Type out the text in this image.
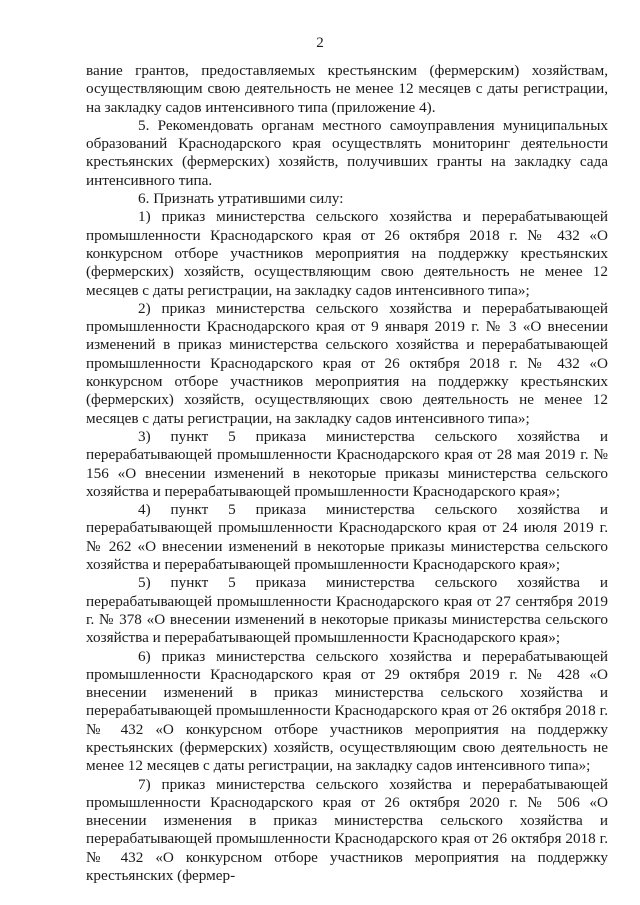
2

вание грантов, предоставляемых крестьянским (фермерским) хозяйствам, осуществляющим свою деятельность не менее 12 месяцев с даты регистрации, на закладку садов интенсивного типа (приложение 4).

5. Рекомендовать органам местного самоуправления муниципальных образований Краснодарского края осуществлять мониторинг деятельности крестьянских (фермерских) хозяйств, получивших гранты на закладку сада интенсивного типа.

6. Признать утратившими силу:

1) приказ министерства сельского хозяйства и перерабатывающей промышленности Краснодарского края от 26 октября 2018 г. № 432 «О конкурсном отборе участников мероприятия на поддержку крестьянских (фермерских) хозяйств, осуществляющим свою деятельность не менее 12 месяцев с даты регистрации, на закладку садов интенсивного типа»;

2) приказ министерства сельского хозяйства и перерабатывающей промышленности Краснодарского края от 9 января 2019 г. № 3 «О внесении изменений в приказ министерства сельского хозяйства и перерабатывающей промышленности Краснодарского края от 26 октября 2018 г. № 432 «О конкурсном отборе участников мероприятия на поддержку крестьянских (фермерских) хозяйств, осуществляющих свою деятельность не менее 12 месяцев с даты регистрации, на закладку садов интенсивного типа»;

3) пункт 5 приказа министерства сельского хозяйства и перерабатывающей промышленности Краснодарского края от 28 мая 2019 г. № 156 «О внесении изменений в некоторые приказы министерства сельского хозяйства и перерабатывающей промышленности Краснодарского края»;

4) пункт 5 приказа министерства сельского хозяйства и перерабатывающей промышленности Краснодарского края от 24 июля 2019 г. № 262 «О внесении изменений в некоторые приказы министерства сельского хозяйства и перерабатывающей промышленности Краснодарского края»;

5) пункт 5 приказа министерства сельского хозяйства и перерабатывающей промышленности Краснодарского края от 27 сентября 2019 г. № 378 «О внесении изменений в некоторые приказы министерства сельского хозяйства и перерабатывающей промышленности Краснодарского края»;

6) приказ министерства сельского хозяйства и перерабатывающей промышленности Краснодарского края от 29 октября 2019 г. № 428 «О внесении изменений в приказ министерства сельского хозяйства и перерабатывающей промышленности Краснодарского края от 26 октября 2018 г. № 432 «О конкурсном отборе участников мероприятия на поддержку крестьянских (фермерских) хозяйств, осуществляющим свою деятельность не менее 12 месяцев с даты регистрации, на закладку садов интенсивного типа»;

7) приказ министерства сельского хозяйства и перерабатывающей промышленности Краснодарского края от 26 октября 2020 г. № 506 «О внесении изменения в приказ министерства сельского хозяйства и перерабатывающей промышленности Краснодарского края от 26 октября 2018 г. № 432 «О конкурсном отборе участников мероприятия на поддержку крестьянских (фермер-
